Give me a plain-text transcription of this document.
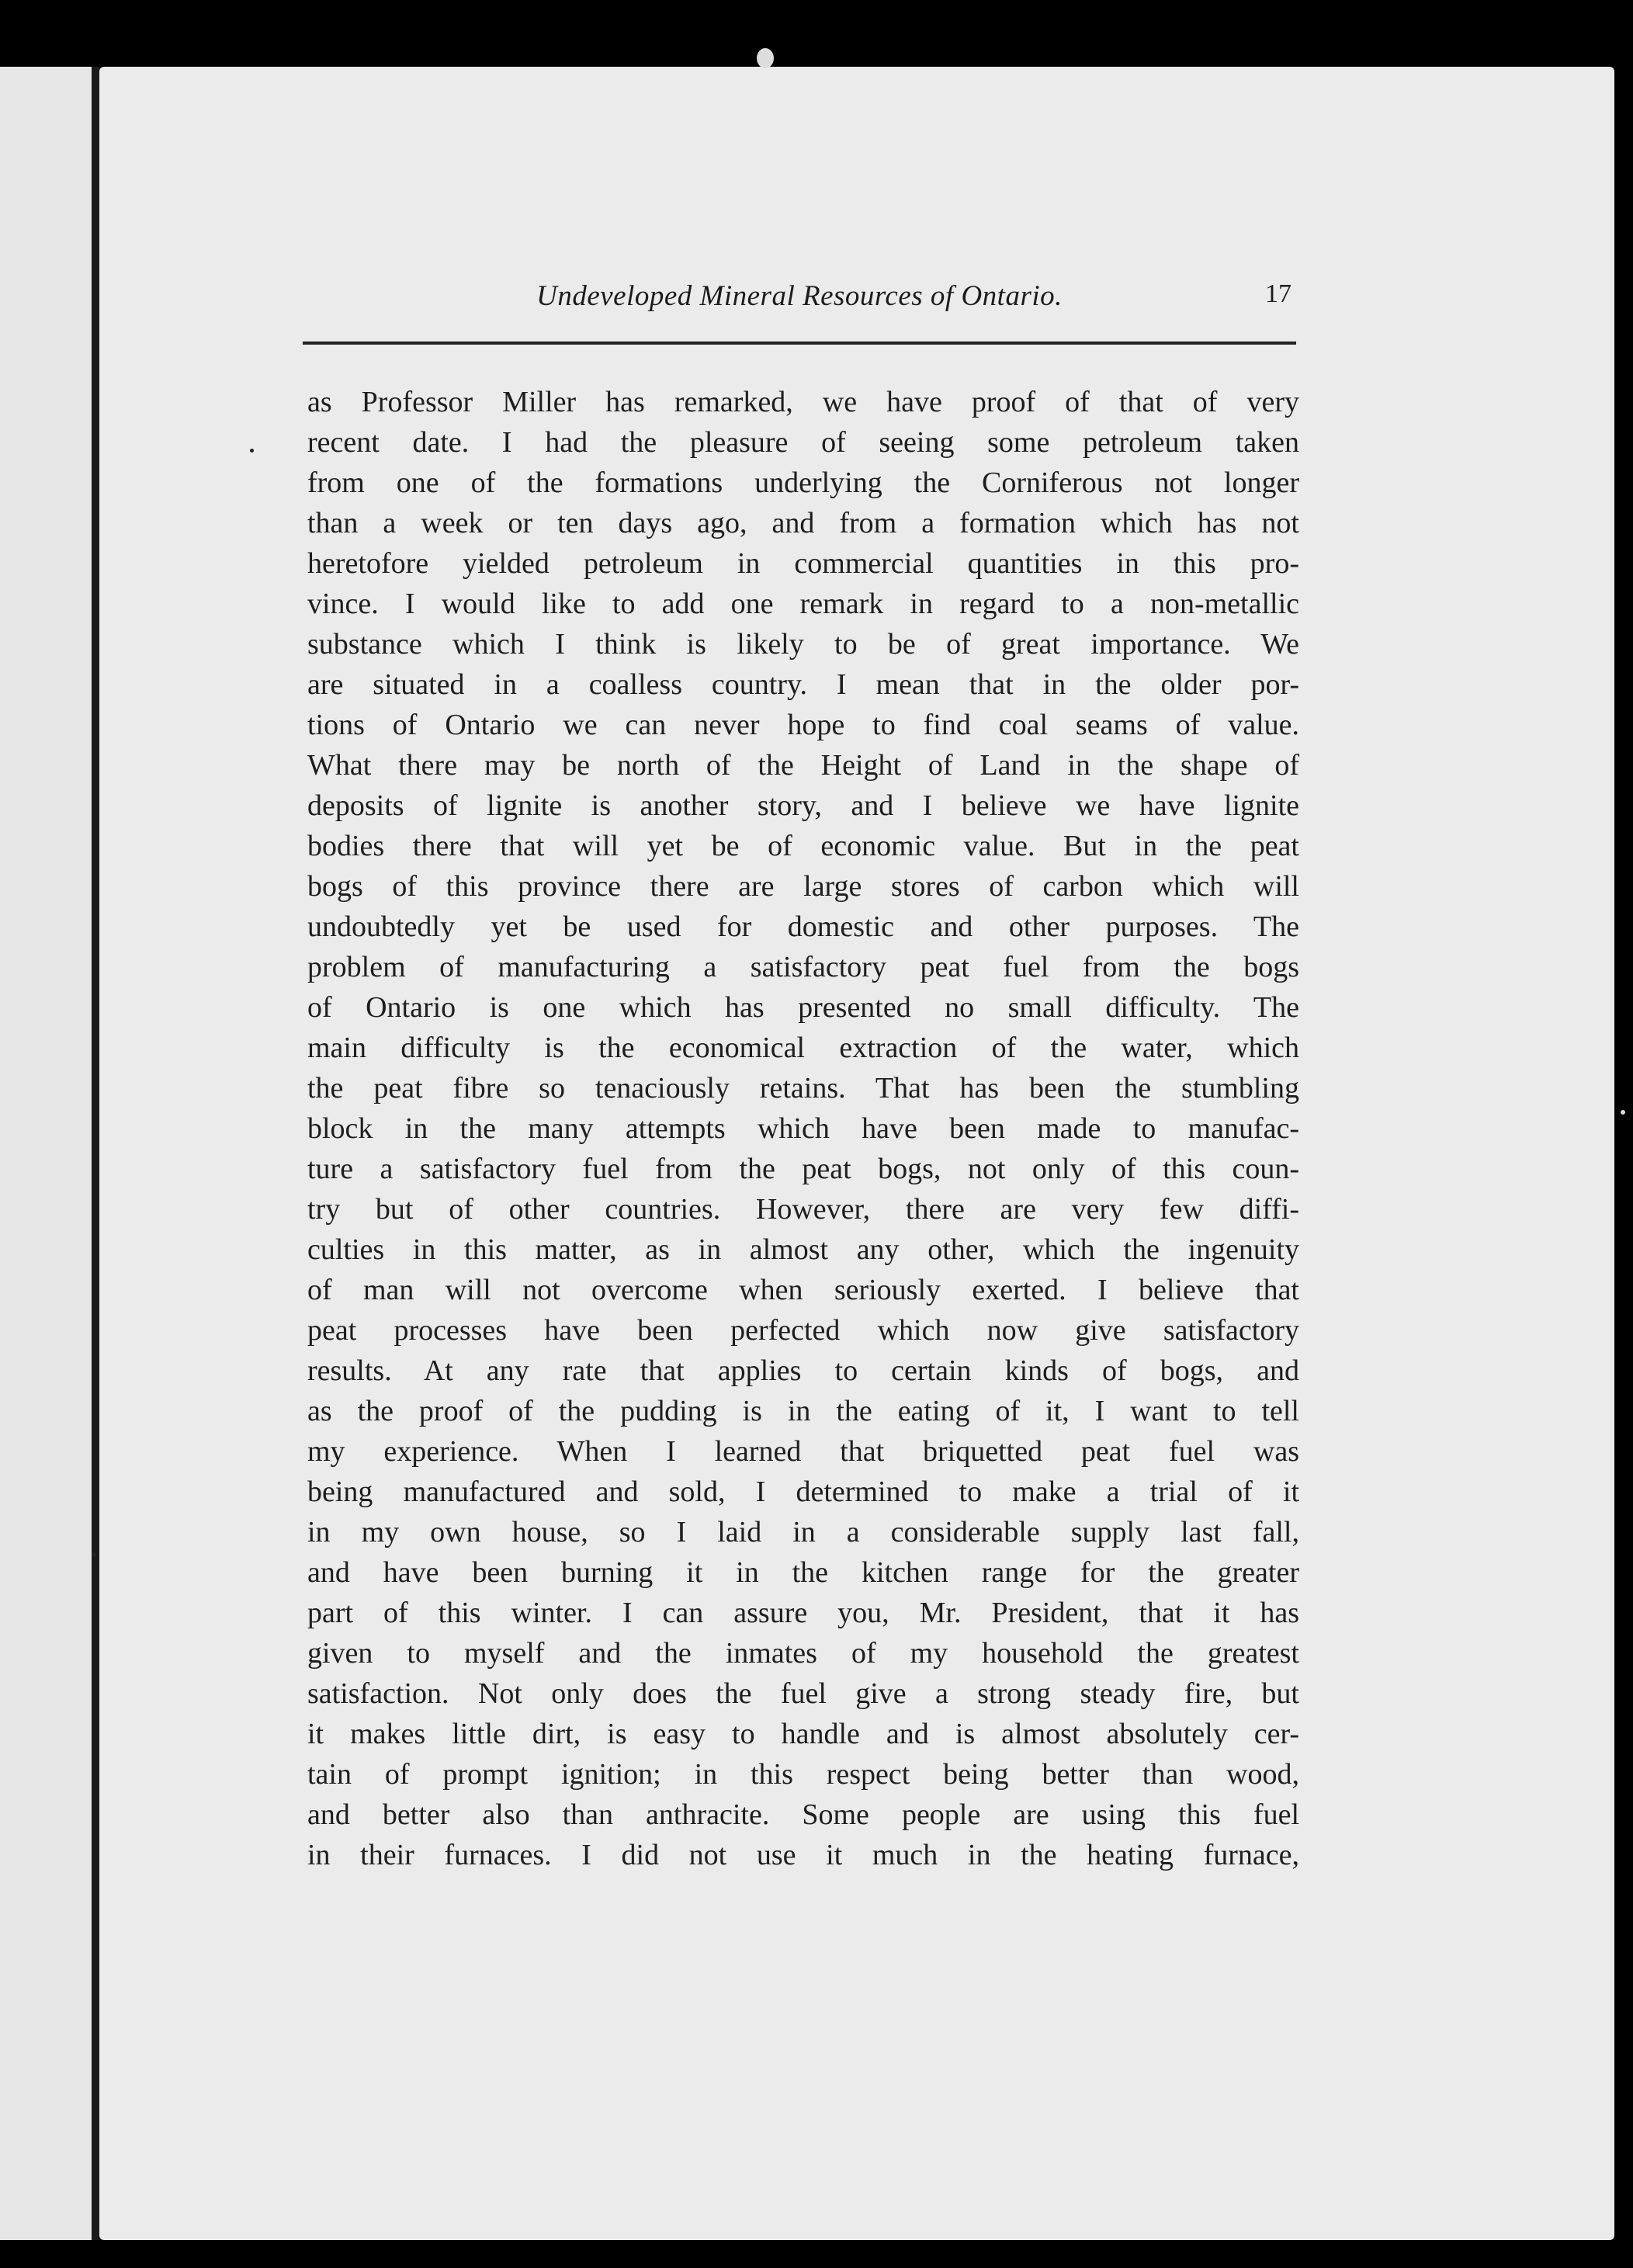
Undeveloped Mineral Resources of Ontario.	17
as Professor Miller has remarked, we have proof of that of very
recent date. I had the pleasure of seeing some petroleum taken
from one of the formations underlying the Corniferous not longer
than a week or ten days ago, and from a formation which has not
heretofore yielded petroleum in commercial quantities in this pro-
vince. I would like to add one remark in regard to a non-metallic
substance which I think is likely to be of great importance. We
are situated in a coalless country. I mean that in the older por-
tions of Ontario we can never hope to find coal seams of value.
What there may be north of the Height of Land in the shape of
deposits of lignite is another story, and I believe we have lignite
bodies there that will yet be of economic value. But in the peat
bogs of this province there are large stores of carbon which will
undoubtedly yet be used for domestic and other purposes. The
problem of manufacturing a satisfactory peat fuel from the bogs
of Ontario is one which has presented no small difficulty. The
main difficulty is the economical extraction of the water, which
the peat fibre so tenaciously retains. That has been the stumbling
block in the many attempts which have been made to manufac-
ture a satisfactory fuel from the peat bogs, not only of this coun-
try but of other countries. However, there are very few diffi-
culties in this matter, as in almost any other, which the ingenuity
of man will not overcome when seriously exerted. I believe that
peat processes have been perfected which now give satisfactory
results. At any rate that applies to certain kinds of bogs, and
as the proof of the pudding is in the eating of it, I want to tell
my experience. When I learned that briquetted peat fuel was
being manufactured and sold, I determined to make a trial of it
in my own house, so I laid in a considerable supply last fall,
and have been burning it in the kitchen range for the greater
part of this winter. I can assure you, Mr. President, that it has
given to myself and the inmates of my household the greatest
satisfaction. Not only does the fuel give a strong steady fire, but
it makes little dirt, is easy to handle and is almost absolutely cer-
tain of prompt ignition; in this respect being better than wood,
and better also than anthracite. Some people are using this fuel
in their furnaces. I did not use it much in the heating furnace,
